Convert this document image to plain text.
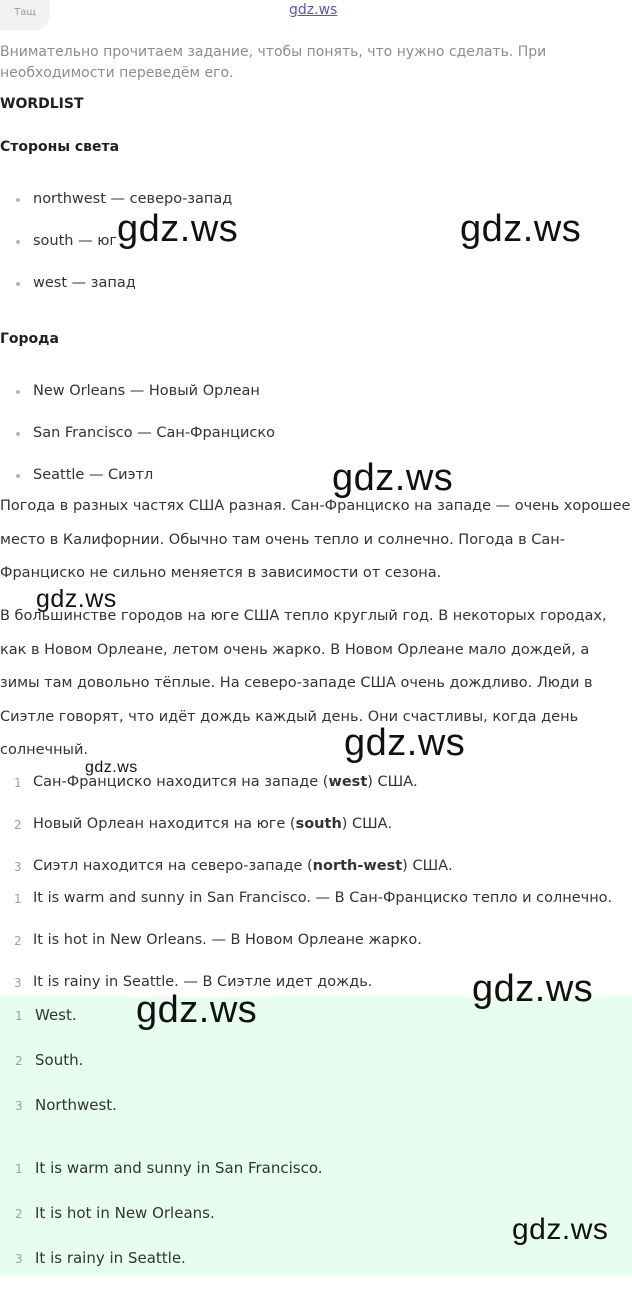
Тащ	gdz.ws
Внимательно прочитаем задание, чтобы понять, что нужно сделать. При необходимости переведём его.
WORDLIST
Стороны света
northwest — северо-запад
south — юг
west — запад
Города
New Orleans — Новый Орлеан
San Francisco — Сан-Франциско
Seattle — Сиэтл
Погода в разных частях США разная. Сан-Франциско на западе — очень хорошее место в Калифорнии. Обычно там очень тепло и солнечно. Погода в Сан-Франциско не сильно меняется в зависимости от сезона.
В большинстве городов на юге США тепло круглый год. В некоторых городах, как в Новом Орлеане, летом очень жарко. В Новом Орлеане мало дождей, а зимы там довольно тёплые. На северо-западе США очень дождливо. Люди в Сиэтле говорят, что идёт дождь каждый день. Они счастливы, когда день солнечный.
1 Сан-Франциско находится на западе (west) США.
2 Новый Орлеан находится на юге (south) США.
3 Сиэтл находится на северо-западе (north-west) США.
1 It is warm and sunny in San Francisco. — В Сан-Франциско тепло и солнечно.
2 It is hot in New Orleans. — В Новом Орлеане жарко.
3 It is rainy in Seattle. — В Сиэтле идет дождь.
1 West.
2 South.
3 Northwest.
1 It is warm and sunny in San Francisco.
2 It is hot in New Orleans.
3 It is rainy in Seattle.
gdz.ws	gdz.ws
gdz.ws
gdz.ws
gdz.ws
gdz.ws
gdz.ws
gdz.ws
gdz.ws
